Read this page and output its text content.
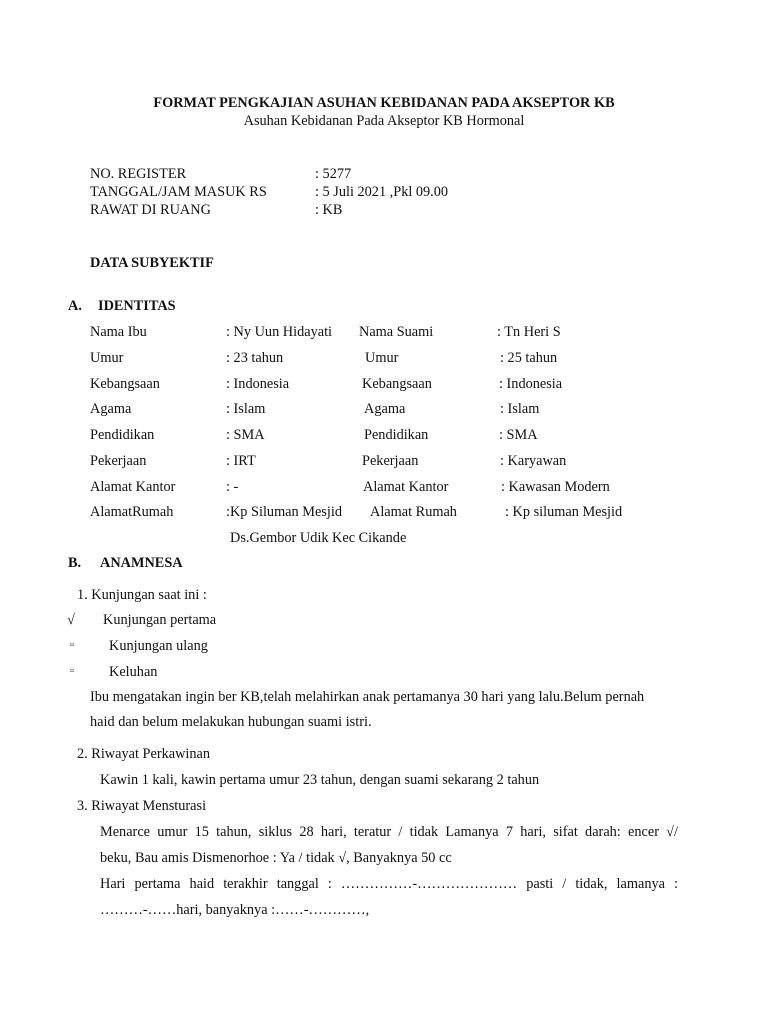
FORMAT PENGKAJIAN ASUHAN KEBIDANAN PADA AKSEPTOR KB
Asuhan Kebidanan Pada Akseptor KB Hormonal
NO. REGISTER	: 5277
TANGGAL/JAM MASUK RS	: 5 Juli 2021 ,Pkl 09.00
RAWAT DI RUANG	: KB
DATA SUBYEKTIF
A. IDENTITAS
Nama Ibu	: Ny Uun Hidayati Nama Suami	: Tn Heri S
Umur	: 23 tahun	Umur	: 25 tahun
Kebangsaan	: Indonesia	Kebangsaan	: Indonesia
Agama	: Islam	Agama	: Islam
Pendidikan	: SMA	Pendidikan	: SMA
Pekerjaan	: IRT	Pekerjaan	: Karyawan
Alamat Kantor	: -	Alamat Kantor	: Kawasan Modern
AlamatRumah	:Kp Siluman Mesjid Alamat Rumah	: Kp siluman Mesjid
Ds.Gembor Udik Kec Cikande
B. ANAMNESA
1. Kunjungan saat ini :
√ Kunjungan pertama
▫ Kunjungan ulang
▫ Keluhan
Ibu mengatakan ingin ber KB,telah melahirkan anak pertamanya 30 hari yang lalu.Belum pernah
haid dan belum melakukan hubungan suami istri.
2. Riwayat Perkawinan
Kawin 1 kali, kawin pertama umur 23 tahun, dengan suami sekarang 2 tahun
3. Riwayat Mensturasi
Menarce umur 15 tahun, siklus 28 hari, teratur / tidak Lamanya 7 hari, sifat darah: encer √/
beku, Bau amis Dismenorhoe : Ya / tidak √, Banyaknya 50 cc
Hari pertama haid terakhir tanggal : ……………-………………… pasti / tidak, lamanya :
………-……hari, banyaknya :……-…………,
